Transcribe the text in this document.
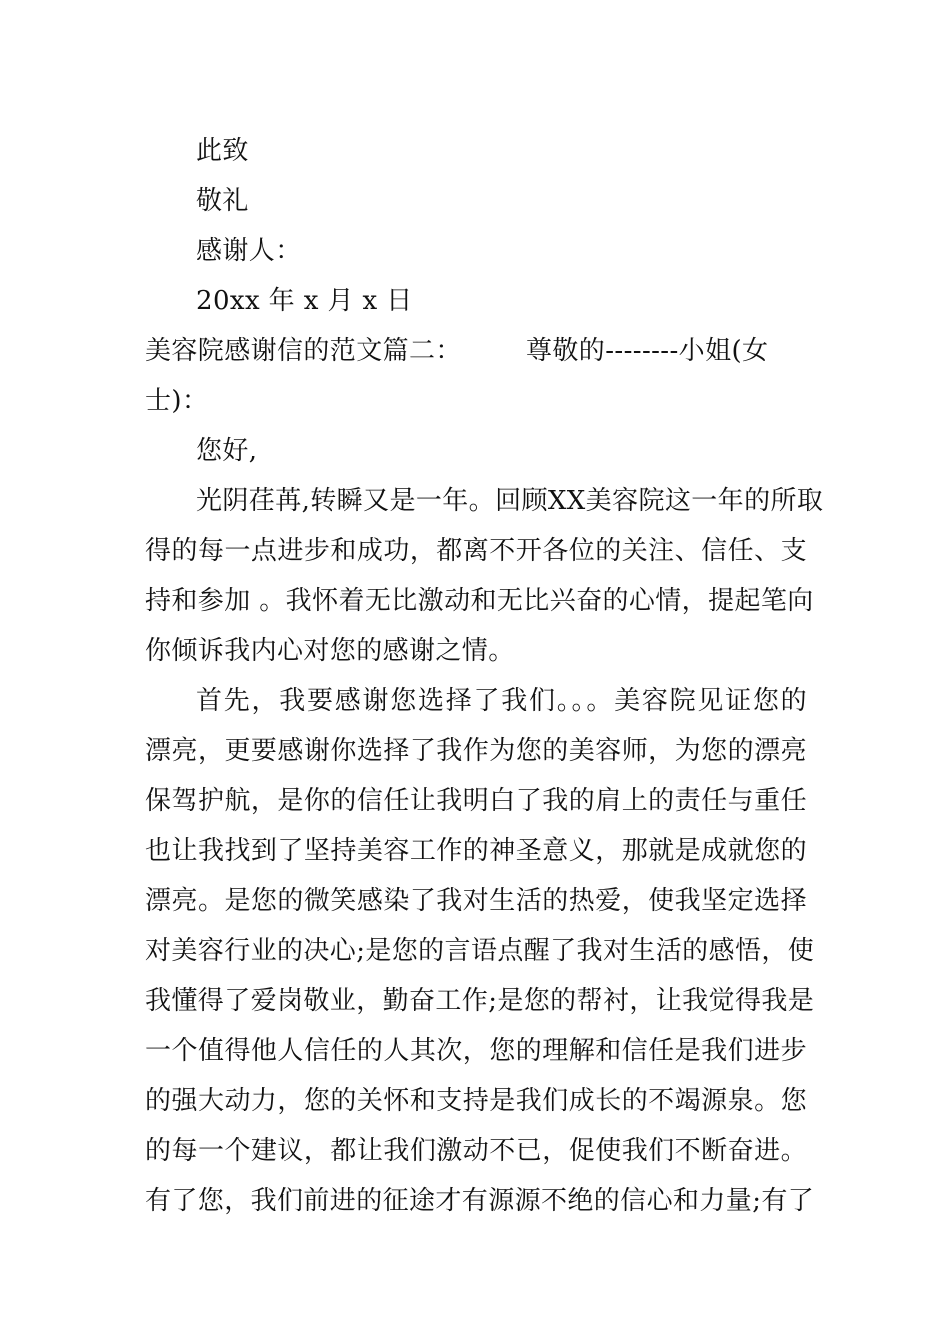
此致
敬礼
感谢人：
20xx 年 x 月 x 日
美容院感谢信的范文篇二： 尊敬的--------小姐(女
士)：
您好,
光阴荏苒,转瞬又是一年。回顾XX美容院这一年的所取
得的每一点进步和成功，都离不开各位的关注、信任、支
持和参加 。我怀着无比激动和无比兴奋的心情，提起笔向
你倾诉我内心对您的感谢之情。
首先，我要感谢您选择了我们。。。美容院见证您的
漂亮，更要感谢你选择了我作为您的美容师，为您的漂亮
保驾护航，是你的信任让我明白了我的肩上的责任与重任
也让我找到了坚持美容工作的神圣意义，那就是成就您的
漂亮。是您的微笑感染了我对生活的热爱，使我坚定选择
对美容行业的决心;是您的言语点醒了我对生活的感悟，使
我懂得了爱岗敬业，勤奋工作;是您的帮衬，让我觉得我是
一个值得他人信任的人其次，您的理解和信任是我们进步
的强大动力，您的关怀和支持是我们成长的不竭源泉。您
的每一个建议，都让我们激动不已，促使我们不断奋进。
有了您，我们前进的征途才有源源不绝的信心和力量;有了
